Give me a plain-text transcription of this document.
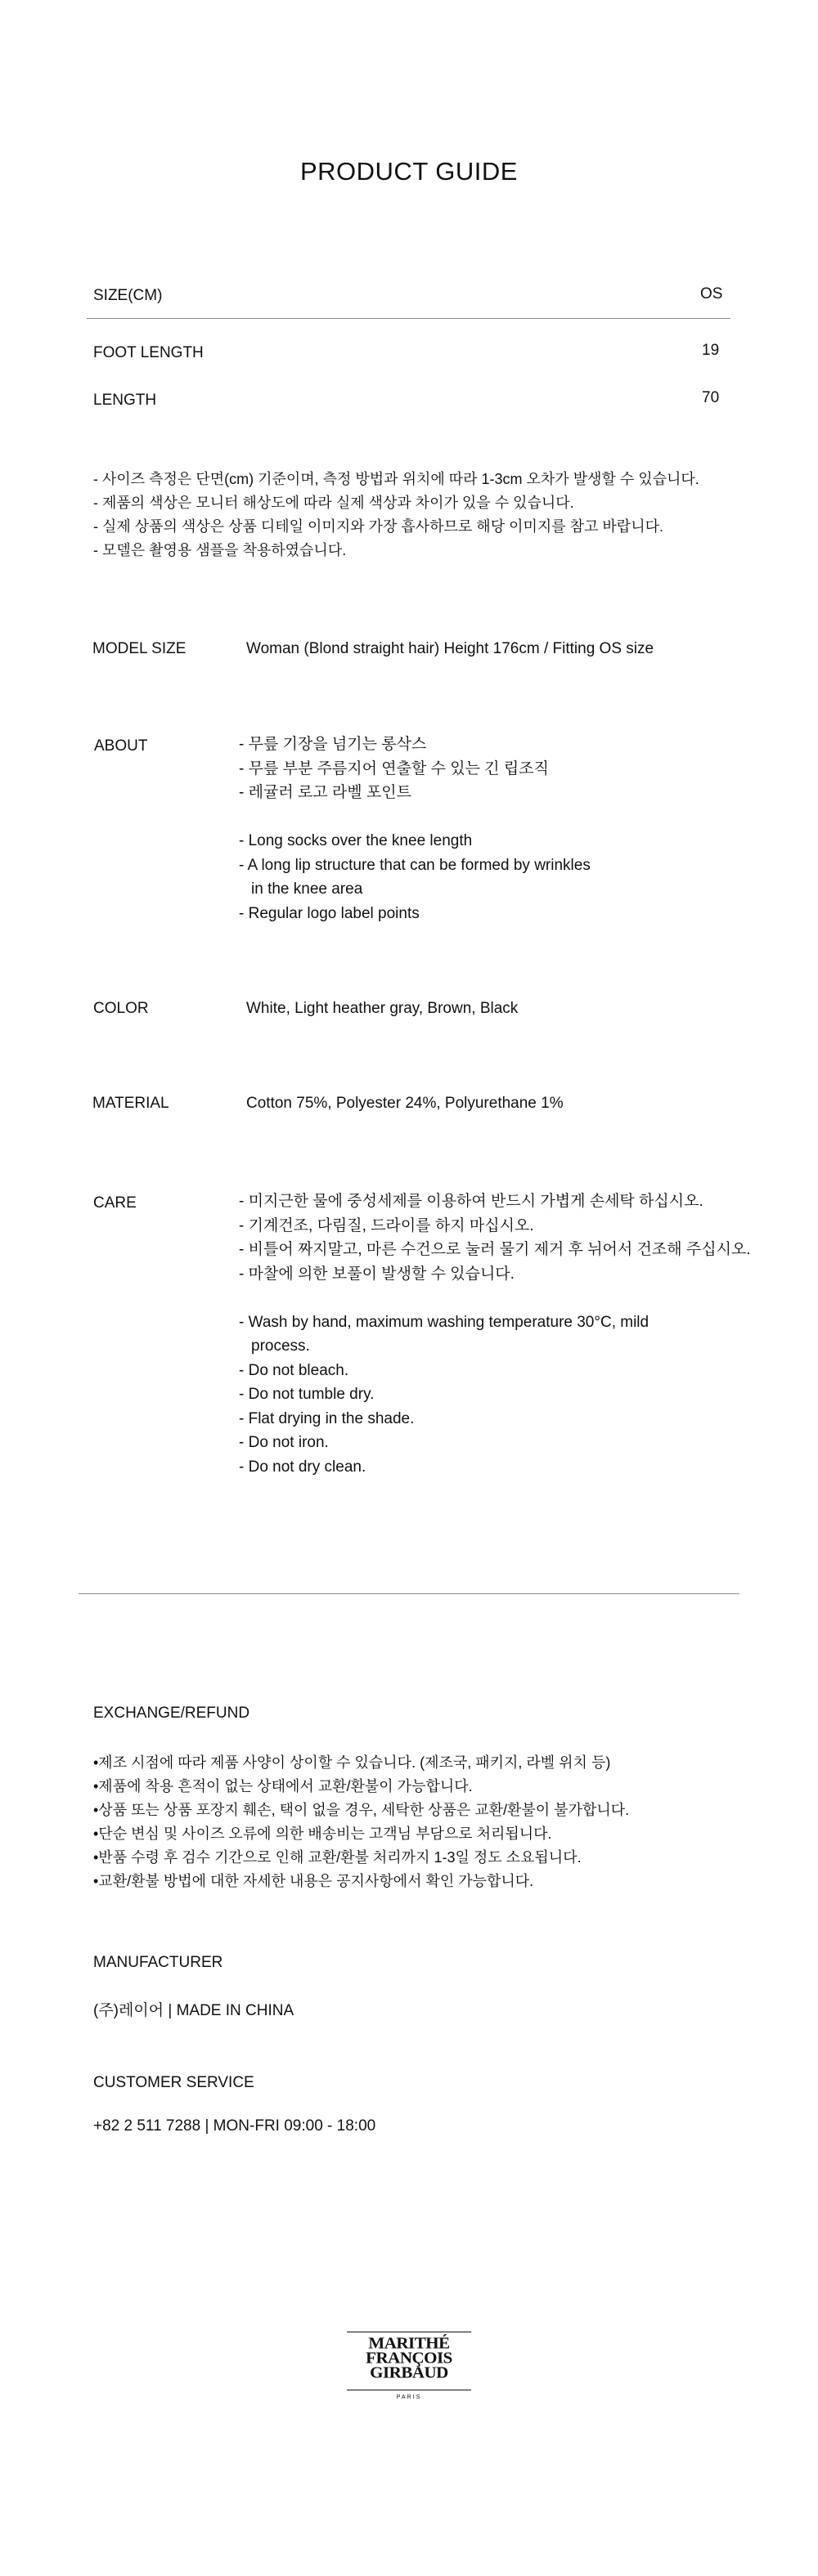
PRODUCT GUIDE
SIZE(CM)	OS
FOOT LENGTH	19
LENGTH	70
- 사이즈 측정은 단면(cm) 기준이며, 측정 방법과 위치에 따라 1-3cm 오차가 발생할 수 있습니다.
- 제품의 색상은 모니터 해상도에 따라 실제 색상과 차이가 있을 수 있습니다.
- 실제 상품의 색상은 상품 디테일 이미지와 가장 흡사하므로 해당 이미지를 참고 바랍니다.
- 모델은 촬영용 샘플을 착용하였습니다.
MODEL SIZE	Woman (Blond straight hair) Height 176cm / Fitting OS size
ABOUT	- 무릎 기장을 넘기는 롱삭스
- 무릎 부분 주름지어 연출할 수 있는 긴 립조직
- 레귤러 로고 라벨 포인트
- Long socks over the knee length
- A long lip structure that can be formed by wrinkles
in the knee area
- Regular logo label points
COLOR	White, Light heather gray, Brown, Black
MATERIAL	Cotton 75%, Polyester 24%, Polyurethane 1%
CARE	- 미지근한 물에 중성세제를 이용하여 반드시 가볍게 손세탁 하십시오.
- 기계건조, 다림질, 드라이를 하지 마십시오.
- 비틀어 짜지말고, 마른 수건으로 눌러 물기 제거 후 뉘어서 건조해 주십시오.
- 마찰에 의한 보풀이 발생할 수 있습니다.
- Wash by hand, maximum washing temperature 30°C, mild
process.
- Do not bleach.
- Do not tumble dry.
- Flat drying in the shade.
- Do not iron.
- Do not dry clean.
EXCHANGE/REFUND
•제조 시점에 따라 제품 사양이 상이할 수 있습니다. (제조국, 패키지, 라벨 위치 등)
•제품에 착용 흔적이 없는 상태에서 교환/환불이 가능합니다.
•상품 또는 상품 포장지 훼손, 택이 없을 경우, 세탁한 상품은 교환/환불이 불가합니다.
•단순 변심 및 사이즈 오류에 의한 배송비는 고객님 부담으로 처리됩니다.
•반품 수령 후 검수 기간으로 인해 교환/환불 처리까지 1-3일 정도 소요됩니다.
•교환/환불 방법에 대한 자세한 내용은 공지사항에서 확인 가능합니다.
MANUFACTURER
(주)레이어 | MADE IN CHINA
CUSTOMER SERVICE
+82 2 511 7288 | MON-FRI 09:00 - 18:00
MARITHÉ
FRANÇOIS
GIRBAUD
PARIS
